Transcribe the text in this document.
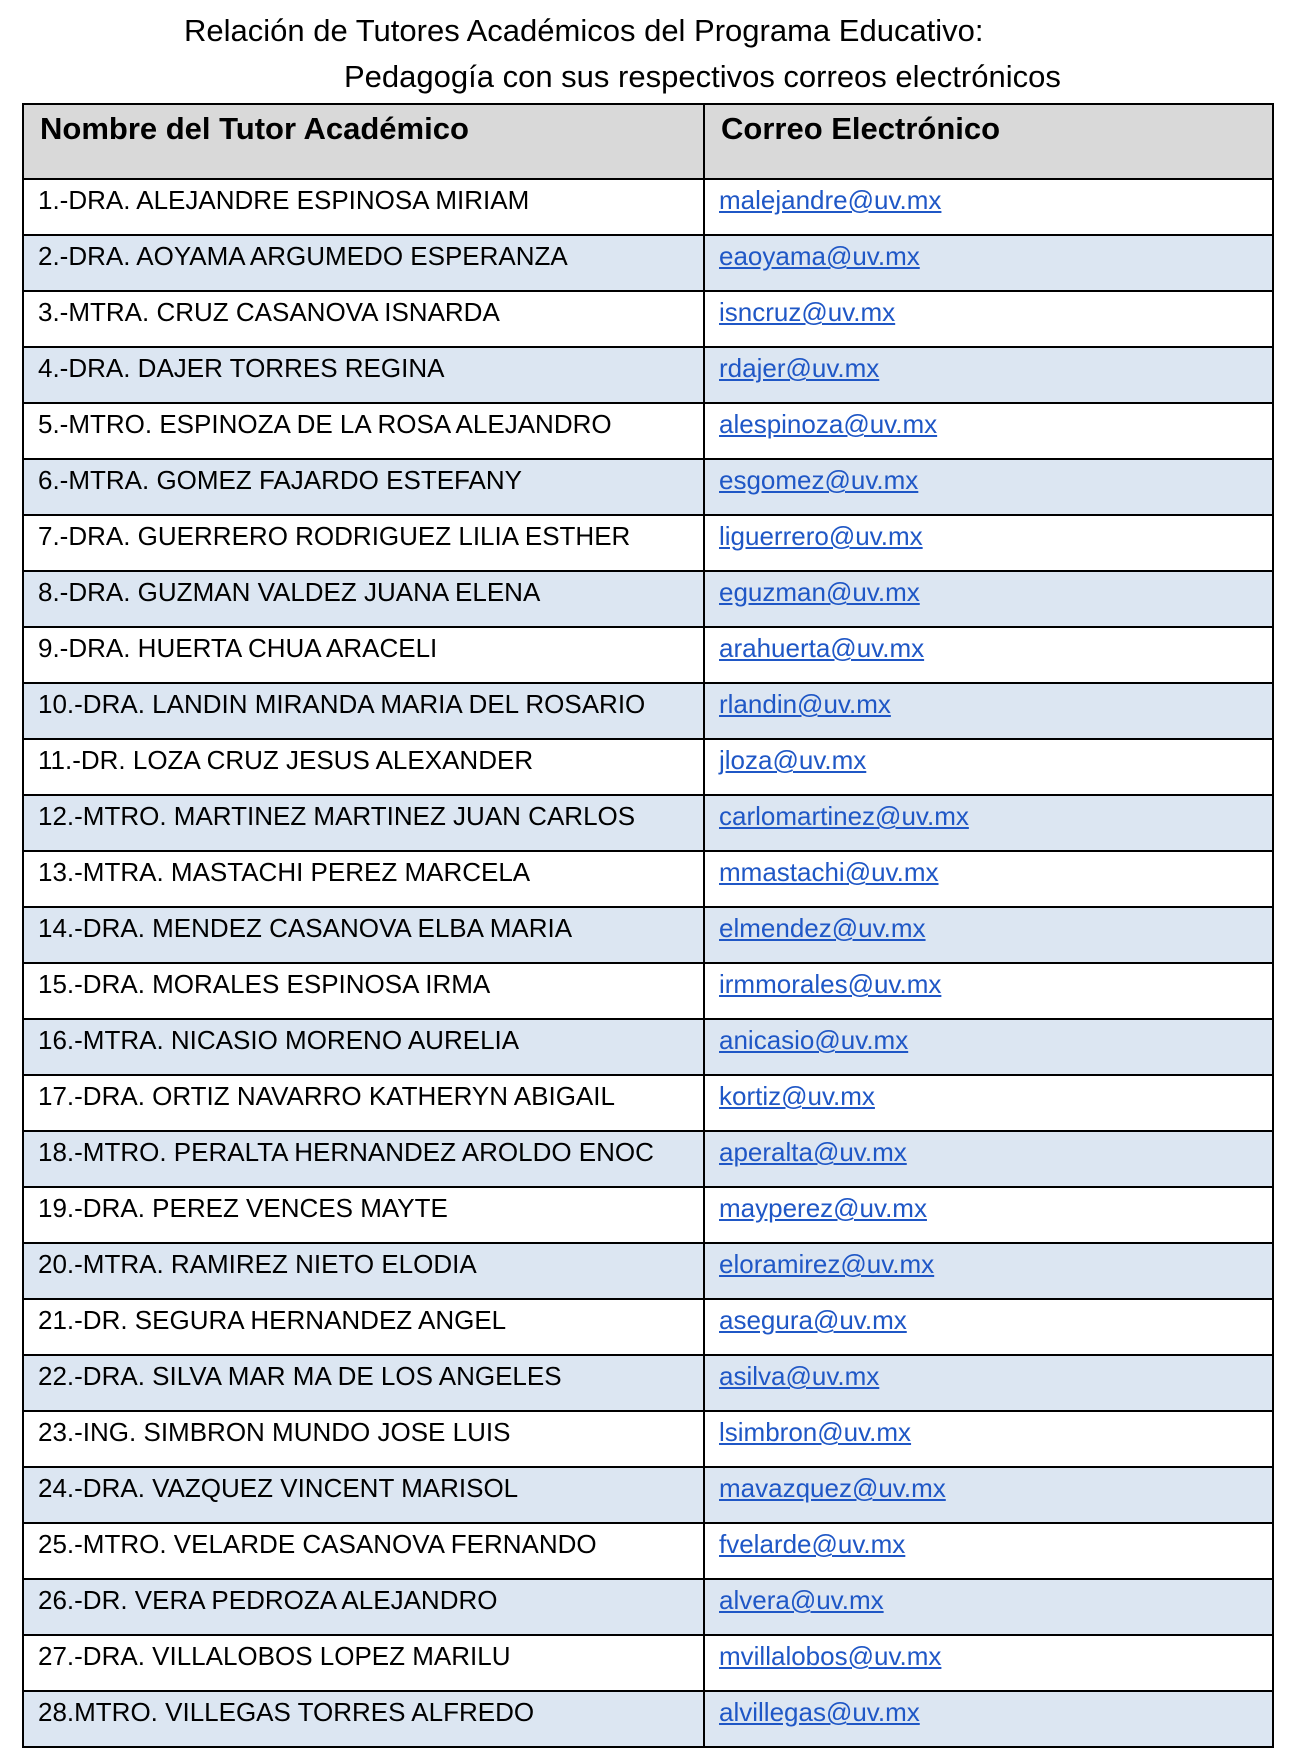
Relación de Tutores Académicos del Programa Educativo:
Pedagogía con sus respectivos correos electrónicos
Nombre del Tutor Académico	Correo Electrónico
1.-DRA. ALEJANDRE ESPINOSA MIRIAM	malejandre@uv.mx
2.-DRA. AOYAMA ARGUMEDO ESPERANZA	eaoyama@uv.mx
3.-MTRA. CRUZ CASANOVA ISNARDA	isncruz@uv.mx
4.-DRA. DAJER TORRES REGINA	rdajer@uv.mx
5.-MTRO. ESPINOZA DE LA ROSA ALEJANDRO	alespinoza@uv.mx
6.-MTRA. GOMEZ FAJARDO ESTEFANY	esgomez@uv.mx
7.-DRA. GUERRERO RODRIGUEZ LILIA ESTHER	liguerrero@uv.mx
8.-DRA. GUZMAN VALDEZ JUANA ELENA	eguzman@uv.mx
9.-DRA. HUERTA CHUA ARACELI	arahuerta@uv.mx
10.-DRA. LANDIN MIRANDA MARIA DEL ROSARIO	rlandin@uv.mx
11.-DR. LOZA CRUZ JESUS ALEXANDER	jloza@uv.mx
12.-MTRO. MARTINEZ MARTINEZ JUAN CARLOS	carlomartinez@uv.mx
13.-MTRA. MASTACHI PEREZ MARCELA	mmastachi@uv.mx
14.-DRA. MENDEZ CASANOVA ELBA MARIA	elmendez@uv.mx
15.-DRA. MORALES ESPINOSA IRMA	irmmorales@uv.mx
16.-MTRA. NICASIO MORENO AURELIA	anicasio@uv.mx
17.-DRA. ORTIZ NAVARRO KATHERYN ABIGAIL	kortiz@uv.mx
18.-MTRO. PERALTA HERNANDEZ AROLDO ENOC	aperalta@uv.mx
19.-DRA. PEREZ VENCES MAYTE	mayperez@uv.mx
20.-MTRA. RAMIREZ NIETO ELODIA	eloramirez@uv.mx
21.-DR. SEGURA HERNANDEZ ANGEL	asegura@uv.mx
22.-DRA. SILVA MAR MA DE LOS ANGELES	asilva@uv.mx
23.-ING. SIMBRON MUNDO JOSE LUIS	lsimbron@uv.mx
24.-DRA. VAZQUEZ VINCENT MARISOL	mavazquez@uv.mx
25.-MTRO. VELARDE CASANOVA FERNANDO	fvelarde@uv.mx
26.-DR. VERA PEDROZA ALEJANDRO	alvera@uv.mx
27.-DRA. VILLALOBOS LOPEZ MARILU	mvillalobos@uv.mx
28.MTRO. VILLEGAS TORRES ALFREDO	alvillegas@uv.mx
